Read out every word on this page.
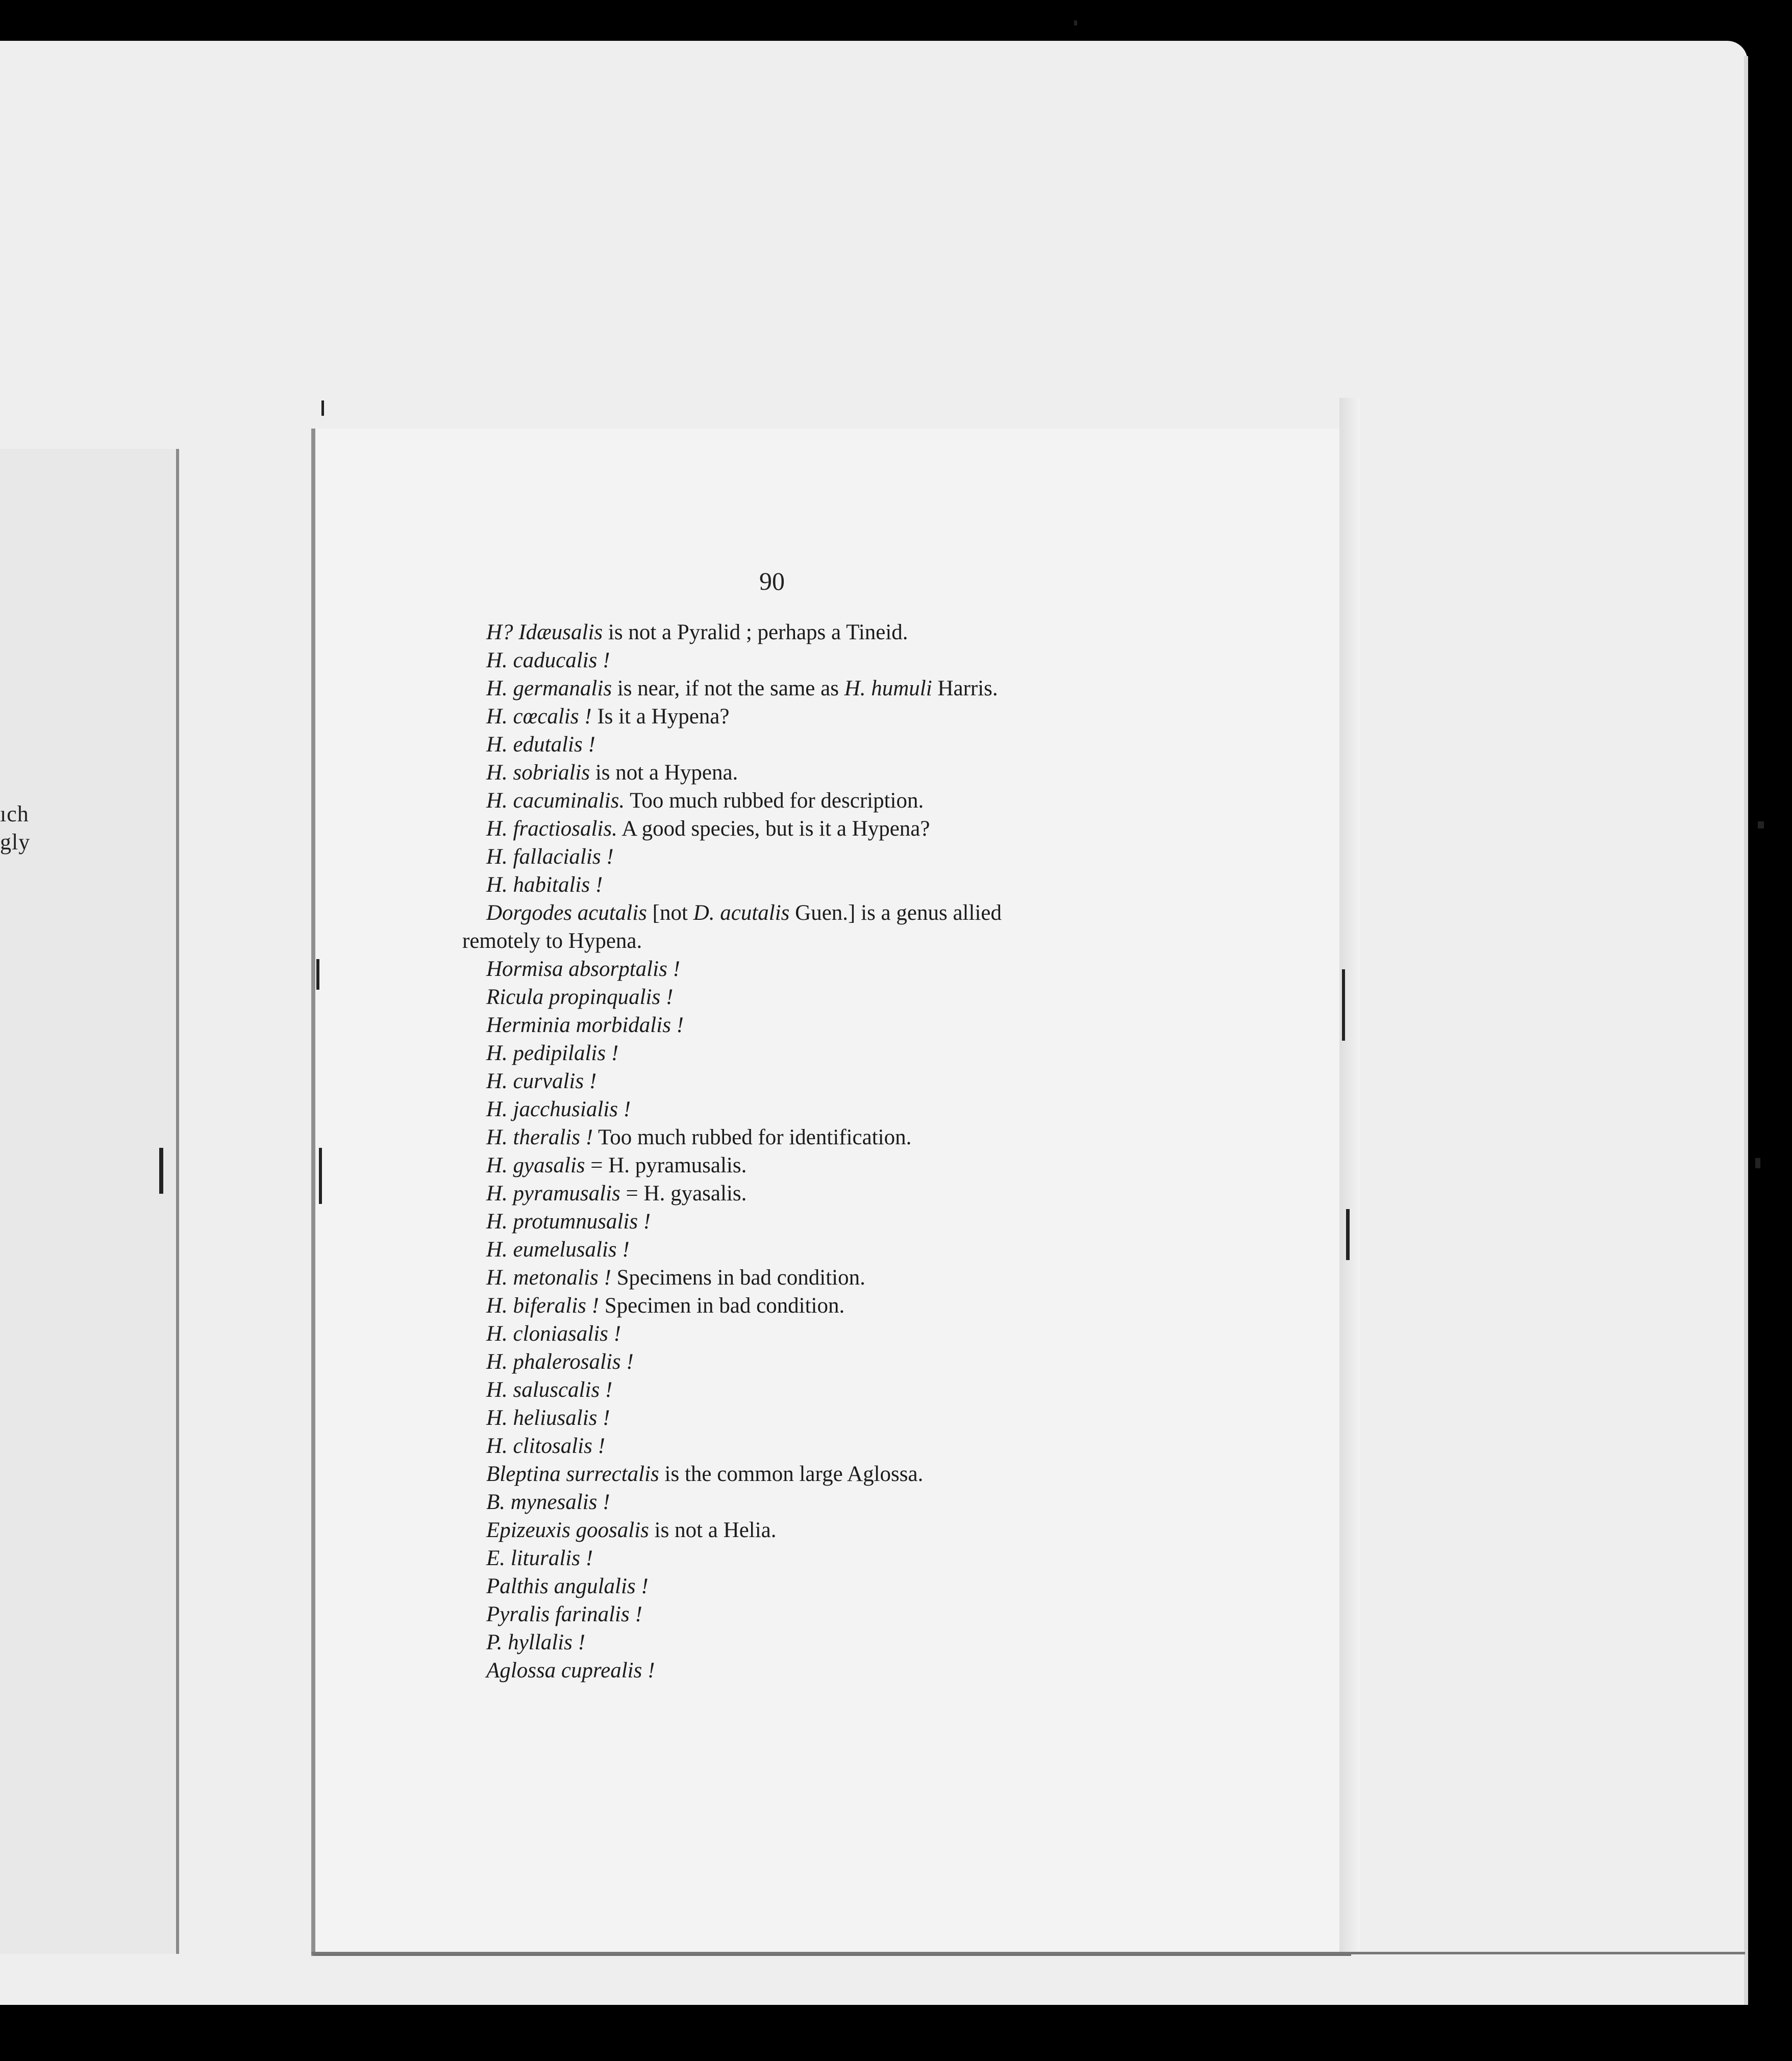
ıch
gly
90
H? Idæusalis is not a Pyralid ; perhaps a Tineid.
H. caducalis !
H. germanalis is near, if not the same as H. humuli Harris.
H. cœcalis ! Is it a Hypena?
H. edutalis !
H. sobrialis is not a Hypena.
H. cacuminalis. Too much rubbed for description.
H. fractiosalis. A good species, but is it a Hypena?
H. fallacialis !
H. habitalis !
Dorgodes acutalis [not D. acutalis Guen.] is a genus allied
remotely to Hypena.
Hormisa absorptalis !
Ricula propinqualis !
Herminia morbidalis !
H. pedipilalis !
H. curvalis !
H. jacchusialis !
H. theralis ! Too much rubbed for identification.
H. gyasalis = H. pyramusalis.
H. pyramusalis = H. gyasalis.
H. protumnusalis !
H. eumelusalis !
H. metonalis ! Specimens in bad condition.
H. biferalis ! Specimen in bad condition.
H. cloniasalis !
H. phalerosalis !
H. saluscalis !
H. heliusalis !
H. clitosalis !
Bleptina surrectalis is the common large Aglossa.
B. mynesalis !
Epizeuxis goosalis is not a Helia.
E. lituralis !
Palthis angulalis !
Pyralis farinalis !
P. hyllalis !
Aglossa cuprealis !
